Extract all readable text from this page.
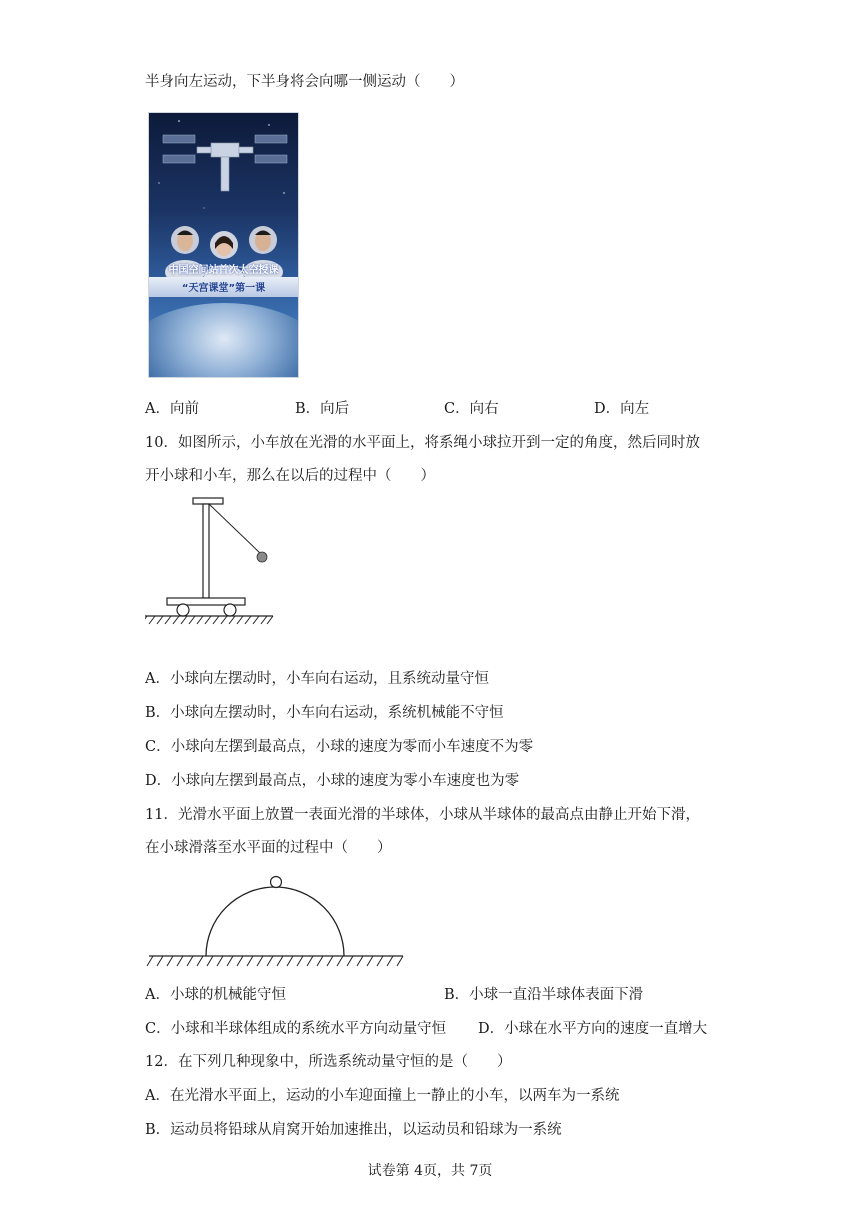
半身向左运动，下半身将会向哪一侧运动（　　）
中国空间站首次太空授课
“天宫课堂”第一课
A．向前	B．向后	C．向右	D．向左
10．如图所示，小车放在光滑的水平面上，将系绳小球拉开到一定的角度，然后同时放
开小球和小车，那么在以后的过程中（　　）
A．小球向左摆动时，小车向右运动，且系统动量守恒
B．小球向左摆动时，小车向右运动，系统机械能不守恒
C．小球向左摆到最高点，小球的速度为零而小车速度不为零
D．小球向左摆到最高点，小球的速度为零小车速度也为零
11．光滑水平面上放置一表面光滑的半球体，小球从半球体的最高点由静止开始下滑，
在小球滑落至水平面的过程中（　　）
A．小球的机械能守恒	B．小球一直沿半球体表面下滑
C．小球和半球体组成的系统水平方向动量守恒 D．小球在水平方向的速度一直增大
12．在下列几种现象中，所选系统动量守恒的是（　　）
A．在光滑水平面上，运动的小车迎面撞上一静止的小车，以两车为一系统
B．运动员将铅球从肩窝开始加速推出，以运动员和铅球为一系统
试卷第 4页，共 7页
